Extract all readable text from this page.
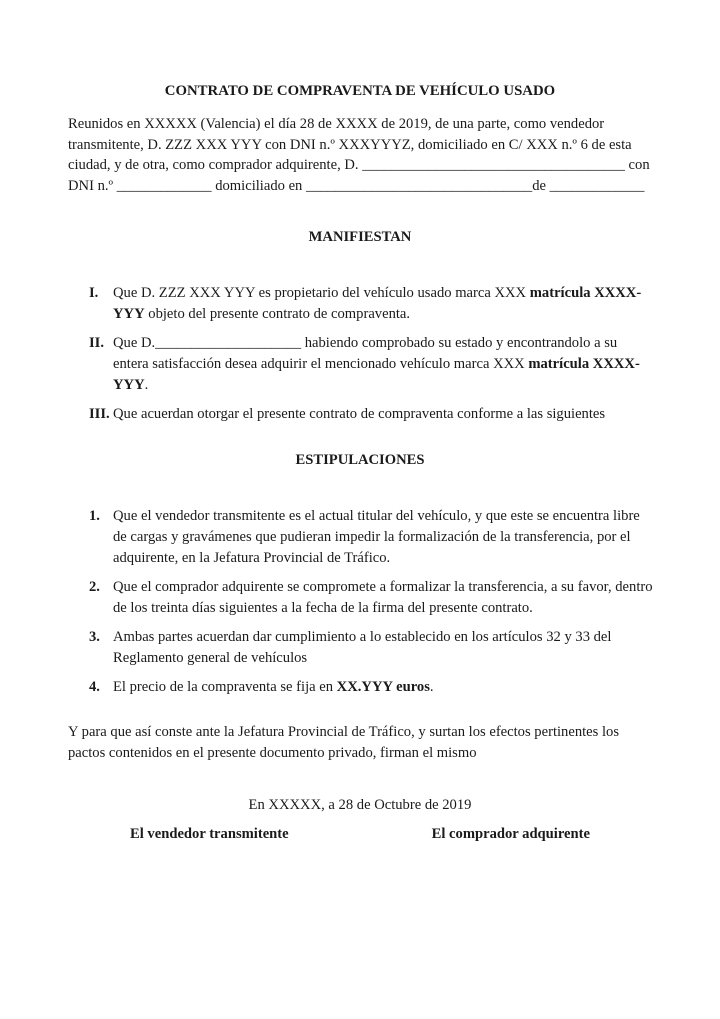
CONTRATO DE COMPRAVENTA DE VEHÍCULO USADO
Reunidos en XXXXX (Valencia) el día 28 de XXXX de 2019, de una parte, como vendedor
transmitente, D. ZZZ XXX YYY con DNI n.º XXXYYYZ, domiciliado en C/ XXX n.º 6 de esta
ciudad, y de otra, como comprador adquirente, D. ____________________________________ con
DNI n.º _____________ domiciliado en _______________________________de _____________
MANIFIESTAN
I.	Que D. ZZZ XXX YYY es propietario del vehículo usado marca XXX matrícula XXXX-
YYY objeto del presente contrato de compraventa.
II. Que D.____________________ habiendo comprobado su estado y encontrandolo a su
entera satisfacción desea adquirir el mencionado vehículo marca XXX matrícula XXXX-
YYY.
III. Que acuerdan otorgar el presente contrato de compraventa conforme a las siguientes
ESTIPULACIONES
1. Que el vendedor transmitente es el actual titular del vehículo, y que este se encuentra libre
de cargas y gravámenes que pudieran impedir la formalización de la transferencia, por el
adquirente, en la Jefatura Provincial de Tráfico.
2. Que el comprador adquirente se compromete a formalizar la transferencia, a su favor, dentro
de los treinta días siguientes a la fecha de la firma del presente contrato.
3. Ambas partes acuerdan dar cumplimiento a lo establecido en los artículos 32 y 33 del
Reglamento general de vehículos
4. El precio de la compraventa se fija en XX.YYY euros.
Y para que así conste ante la Jefatura Provincial de Tráfico, y surtan los efectos pertinentes los
pactos contenidos en el presente documento privado, firman el mismo
En XXXXX, a 28 de Octubre de 2019
El vendedor transmitente	El comprador adquirente
